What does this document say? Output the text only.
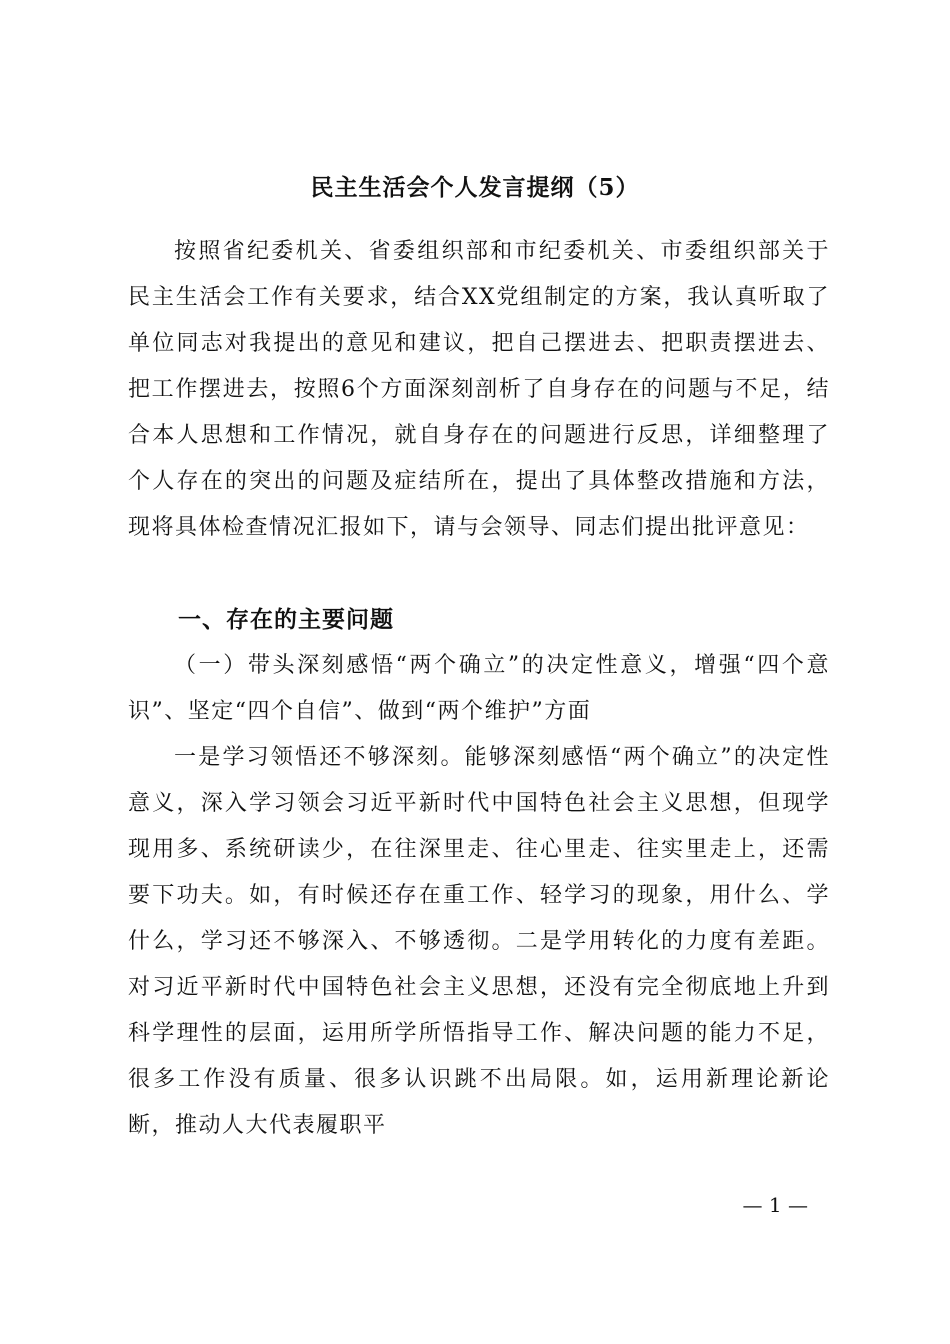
民主生活会个人发言提纲（5）

按照省纪委机关、省委组织部和市纪委机关、市委组织部关于民主生活会工作有关要求，结合XX党组制定的方案，我认真听取了单位同志对我提出的意见和建议，把自己摆进去、把职责摆进去、把工作摆进去，按照6个方面深刻剖析了自身存在的问题与不足，结合本人思想和工作情况，就自身存在的问题进行反思，详细整理了个人存在的突出的问题及症结所在，提出了具体整改措施和方法，现将具体检查情况汇报如下，请与会领导、同志们提出批评意见：

一、存在的主要问题

（一）带头深刻感悟“两个确立”的决定性意义，增强“四个意识”、坚定“四个自信”、做到“两个维护”方面

一是学习领悟还不够深刻。能够深刻感悟“两个确立”的决定性意义，深入学习领会习近平新时代中国特色社会主义思想，但现学现用多、系统研读少，在往深里走、往心里走、往实里走上，还需要下功夫。如，有时候还存在重工作、轻学习的现象，用什么、学什么，学习还不够深入、不够透彻。二是学用转化的力度有差距。对习近平新时代中国特色社会主义思想，还没有完全彻底地上升到科学理性的层面，运用所学所悟指导工作、解决问题的能力不足，很多工作没有质量、很多认识跳不出局限。如，运用新理论新论断，推动人大代表履职平

— 1 —
